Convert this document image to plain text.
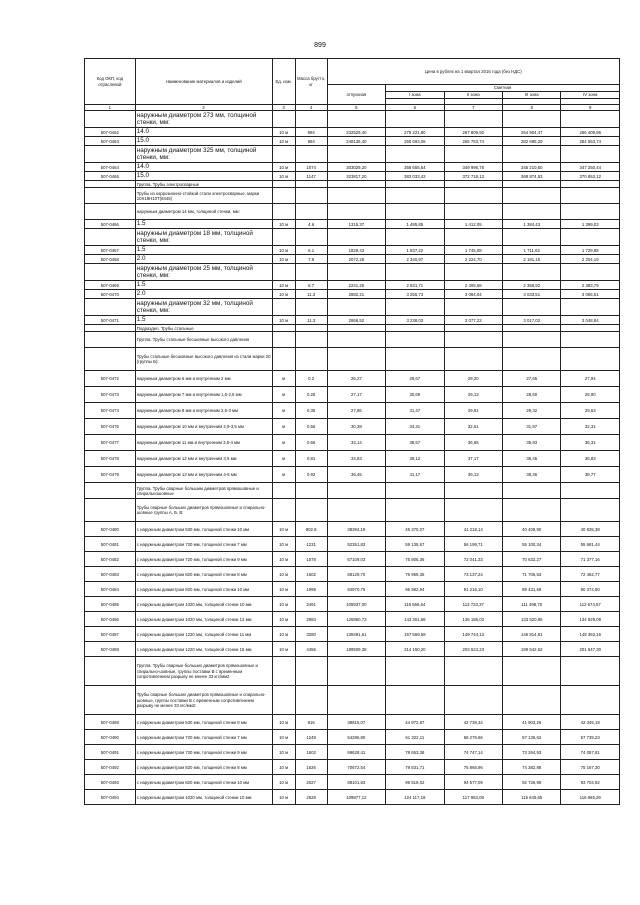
899
Код ОКП, код отраслевой	Наименование материалов и изделий	Ед. изм.	Масса брутто, кг	Цена в рублях на 1 квартал 2016 года (без НДС)				
				отпускная	Сметная			
					I зона	II зона	III зона	IV зона

1	2	3	4	5	6	7	8	9
	наружным диаметром 273 мм, толщиной стенки, мм:							
507-0462	14.0	10 м	994	232529,40	275 221,80	267 809,92	264 904,47	266 409,86
507-0463	15.0	10 м	984	248136,40	260 693,06	265 753,74	282 685,29	284 553,74
	наружным диаметром 325 мм, толщиной стенки, мм:							
507-0464	14.0	10 м	1074	303029,20	358 655,54	349 996,78	345 210,50	347 250,44
507-0465	15.0	10 м	1147	323817,20	383 033,42	372 718,13	368 874,53	370 853,12
	Группа. Трубы электросварные							
	Трубы из коррозионно-стойкой стали электросварные, марки 10Х18Н10Т(8445)							
	наружным диаметром 14 мм, толщиной стенки, мм:							
507-0466	1.5	10 м	4.6	1315,37	1 485,85	1 412,05	1 384,43	1 399,03
	наружным диаметром 18 мм, толщиной стенки, мм:							
507-0467	1.5	10 м	6.1	1829,43	1 837,22	1 745,08	1 711,62	1 729,88
507-0468	2.0	10 м	7.9	2072,28	2 340,97	2 224,70	2 181,16	2 204,19
	наружным диаметром 25 мм, толщиной стенки, мм:							
507-0469	1.5	10 м	8.7	2241,25	2 531,71	2 405,66	2 358,92	2 383,79
507-0470	2.0	10 м	11.3	2882,21	3 255,73	3 094,04	3 033,51	3 065,51
	наружным диаметром 32 мм, толщиной стенки, мм:							
507-0471	1.5	10 м	11.3	2866,52	3 238,03	3 077,22	3 017,02	3 048,84
	Подраздел. Трубы стальные							
	Группа. Трубы стальные бесшовные высокого давления							
	Трубы стальные бесшовные высокого давления из стали марки 20 (группы Б):							
507-0472	наружным диаметром 6 мм и внутренним 2 мм	м	0.2	26,27	29,67	28,20	27,65	27,94
507-0473	наружным диаметром 7 мм и внутренним 1,5-2,5 мм	м	0.28	27,17	30,69	29,13	28,60	28,90
507-0474	наружным диаметром 8 мм и внутренним 2,6-3 мм	м	0.35	27,86	31,47	29,91	29,32	29,63
507-0476	наружным диаметром 10 мм и внутренним 2,9-3,5 мм	м	0.56	30,38	34,31	32,61	31,97	32,31
507-0477	наружным диаметром 11 мм и внутренним 3,5-4 мм	м	0.66	34,14	38,57	36,65	35,93	36,31
507-0478	наружным диаметром 12 мм и внутренним 3,5 мм	м	0.81	34,83	39,12	37,17	36,45	36,83
507-0479	наружным диаметром 13 мм и внутренним 4-5 мм	м	0.92	36,45	41,17	39,13	38,36	38,77
	Группа. Трубы сварные большим диаметров прямошовные и спиральношовные							
	Трубы сварные больших диаметров прямошовные и спирально-шовные группы А, Б, В:							
507-0480	с наружным диаметром 530 мм, толщиной стенки 10 мм	10 м	902.8	38394,19	45 370,07	41 218,14	40 409,90	40 835,38
507-0481	с наружным диаметром 720 мм, толщиной стенки 7 мм	10 м	1231	52351,83	59 135,67	56 199,71	55 100,34	55 681,44
507-0482	с наружным диаметром 720 мм, толщиной стенки 9 мм	10 м	1578	67109,03	75 806,36	72 041,33	70 632,27	71 377,16
507-0483	с наружным диаметром 820 мм, толщиной стенки 8 мм	10 м	1602	68129,70	76 959,35	73 137,24	71 706,53	72 462,77
507-0484	с наружным диаметром 820 мм, толщиной стенки 10 мм	10 м	1999	84970,75	95 982,94	91 216,10	89 431,69	90 374,90
507-0485	с наружным диаметром 1020 мм, толщиной стенки 10 мм	10 м	2491	105937,00	119 666,64	113 723,37	111 498,70	112 674,57
507-0486	с наружным диаметром 1020 мм, толщиной стенки 12 мм	10 м	2983	126860,73	143 301,68	136 185,03	133 520,95	134 929,09
507-0487	с наружным диаметром 1220 мм, толщиной стенки 11 мм	10 м	3280	139491,61	157 569,59	149 744,13	146 814,81	148 363,16
507-0488	с наружным диаметром 1220 мм, толщиной стенки 15 мм	10 м	4456	189509,38	214 150,20	203 524,23	199 542,62	201 647,30
	Группа. Трубы сварные больших диаметров прямошовные и спирально-шовные, группы поставки В с временным сопротивлением разрыву не менее 33 кгс/мм2							
	Трубы сварные больших диаметров прямошовные и спирально-шовные, группы поставки В с временным сопротивлением разрыву не менее 33 кгс/мм2:							
507-0489	с наружным диаметром 530 мм, толщиной стенки 8 мм	10 м	916	38815,07	44 972,87	42 739,34	41 903,26	42 345,19
507-0490	с наружным диаметром 720 мм, толщиной стенки 7 мм	10 м	1249	54286,80	61 322,11	58 276,66	57 136,62	57 739,23
507-0491	с наружным диаметром 720 мм, толщиной стенки 9 мм	10 м	1602	69628,41	78 653,38	74 747,14	73 284,93	74 057,81
507-0492	с наружным диаметром 820 мм, толщиной стенки 8 мм	10 м	1626	70672,54	79 831,71	75 866,96	74 382,88	75 167,30
507-0493	с наружным диаметром 820 мм, толщиной стенки 10 мм	10 м	2027	88101,83	99 519,02	94 577,09	92 726,99	93 704,92
507-0494	с наружным диаметром 1020 мм, толщиной стенки 10 мм	10 м	2528	109877,12	124 117,18	117 953,08	115 645,65	116 865,29
